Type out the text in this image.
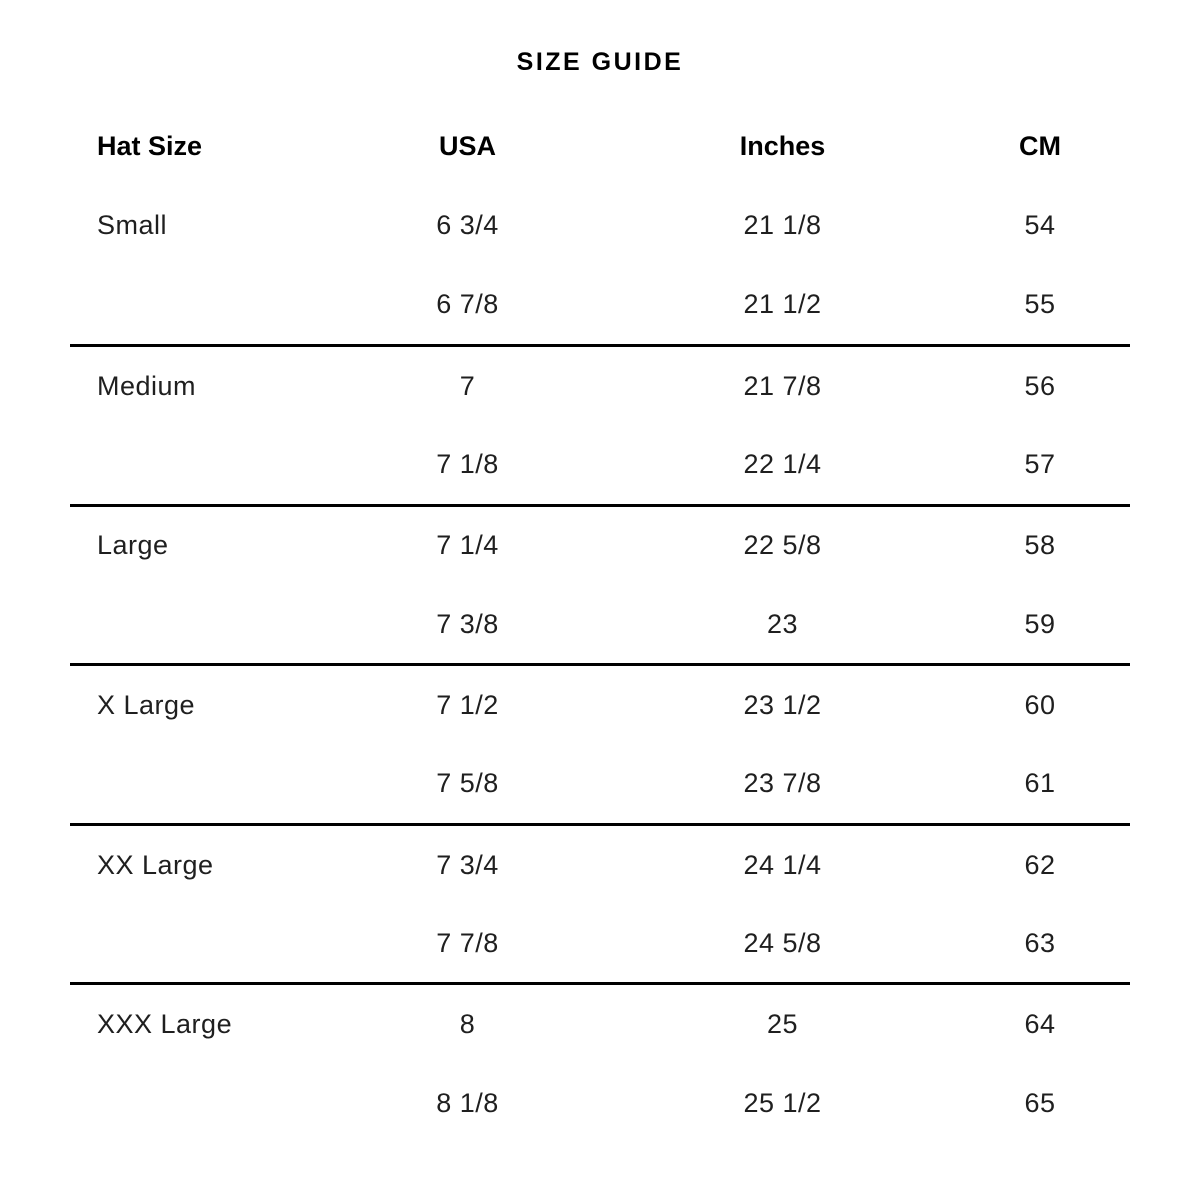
SIZE GUIDE
Hat Size	USA	Inches	CM
Small	6 3/4	21 1/8	54
	6 7/8	21 1/2	55
Medium	7	21 7/8	56
	7 1/8	22 1/4	57
Large	7 1/4	22 5/8	58
	7 3/8	23	59
X Large	7 1/2	23 1/2	60
	7 5/8	23 7/8	61
XX Large	7 3/4	24 1/4	62
	7 7/8	24 5/8	63
XXX Large	8	25	64
	8 1/8	25 1/2	65
